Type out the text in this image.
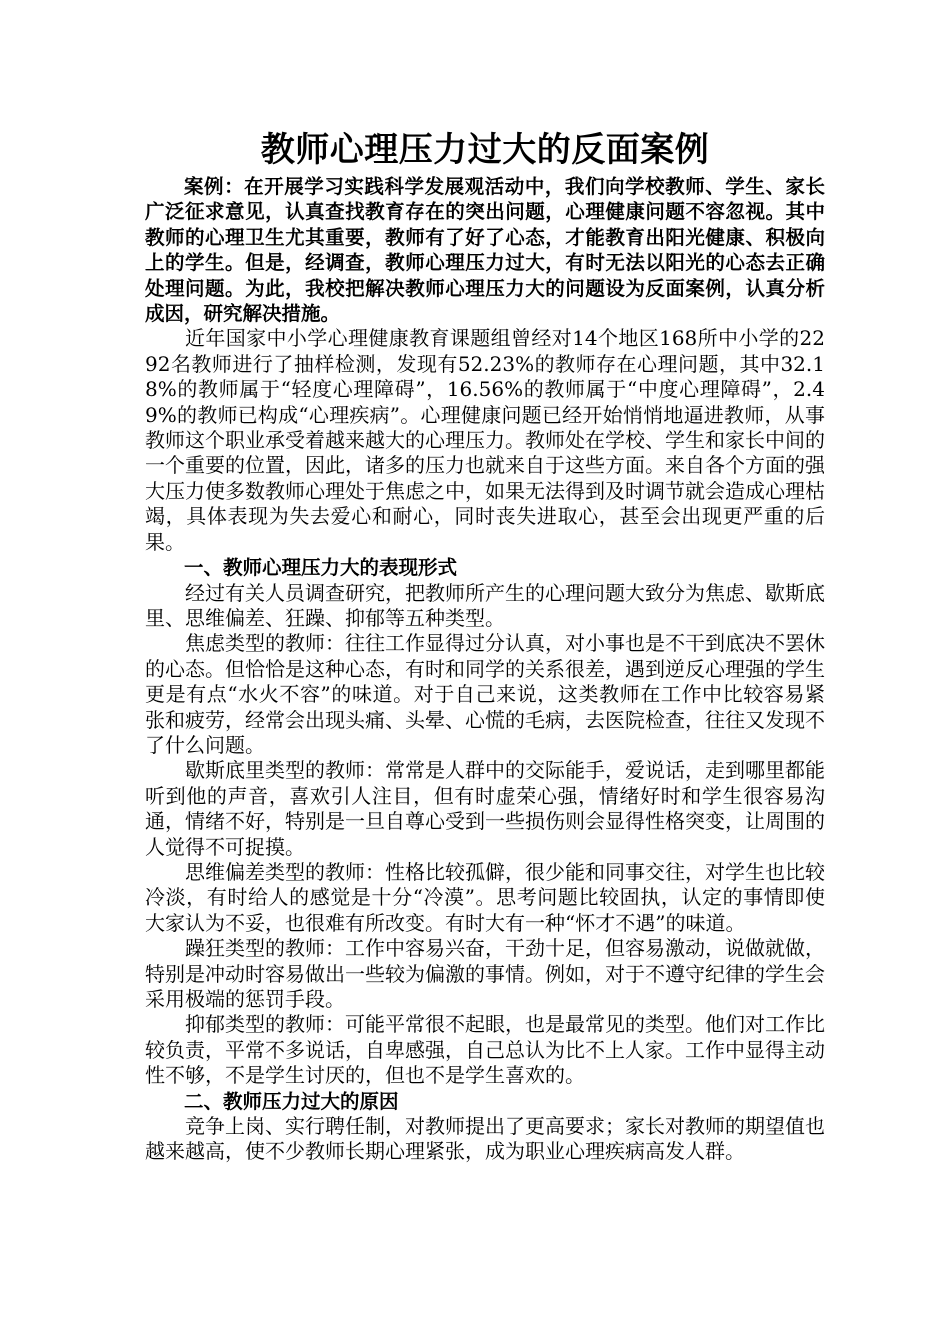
教师心理压力过大的反面案例

案例：在开展学习实践科学发展观活动中，我们向学校教师、学生、家长广泛征求意见，认真查找教育存在的突出问题，心理健康问题不容忽视。其中教师的心理卫生尤其重要，教师有了好了心态，才能教育出阳光健康、积极向上的学生。但是，经调查，教师心理压力过大，有时无法以阳光的心态去正确处理问题。为此，我校把解决教师心理压力大的问题设为反面案例，认真分析成因，研究解决措施。

近年国家中小学心理健康教育课题组曾经对14个地区168所中小学的2292名教师进行了抽样检测，发现有52.23%的教师存在心理问题，其中32.18%的教师属于“轻度心理障碍”，16.56%的教师属于“中度心理障碍”，2.49%的教师已构成“心理疾病”。心理健康问题已经开始悄悄地逼进教师，从事教师这个职业承受着越来越大的心理压力。教师处在学校、学生和家长中间的一个重要的位置，因此，诸多的压力也就来自于这些方面。来自各个方面的强大压力使多数教师心理处于焦虑之中，如果无法得到及时调节就会造成心理枯竭，具体表现为失去爱心和耐心，同时丧失进取心，甚至会出现更严重的后果。

一、教师心理压力大的表现形式

经过有关人员调查研究，把教师所产生的心理问题大致分为焦虑、歇斯底里、思维偏差、狂躁、抑郁等五种类型。

焦虑类型的教师：往往工作显得过分认真，对小事也是不干到底决不罢休的心态。但恰恰是这种心态，有时和同学的关系很差，遇到逆反心理强的学生更是有点“水火不容”的味道。对于自己来说，这类教师在工作中比较容易紧张和疲劳，经常会出现头痛、头晕、心慌的毛病，去医院检查，往往又发现不了什么问题。

歇斯底里类型的教师：常常是人群中的交际能手，爱说话，走到哪里都能听到他的声音，喜欢引人注目，但有时虚荣心强，情绪好时和学生很容易沟通，情绪不好，特别是一旦自尊心受到一些损伤则会显得性格突变，让周围的人觉得不可捉摸。

思维偏差类型的教师：性格比较孤僻，很少能和同事交往，对学生也比较冷淡，有时给人的感觉是十分“冷漠”。思考问题比较固执，认定的事情即使大家认为不妥，也很难有所改变。有时大有一种“怀才不遇”的味道。

躁狂类型的教师：工作中容易兴奋，干劲十足，但容易激动，说做就做，特别是冲动时容易做出一些较为偏激的事情。例如，对于不遵守纪律的学生会采用极端的惩罚手段。

抑郁类型的教师：可能平常很不起眼，也是最常见的类型。他们对工作比较负责，平常不多说话，自卑感强，自己总认为比不上人家。工作中显得主动性不够，不是学生讨厌的，但也不是学生喜欢的。

二、教师压力过大的原因

竞争上岗、实行聘任制，对教师提出了更高要求；家长对教师的期望值也越来越高，使不少教师长期心理紧张，成为职业心理疾病高发人群。
